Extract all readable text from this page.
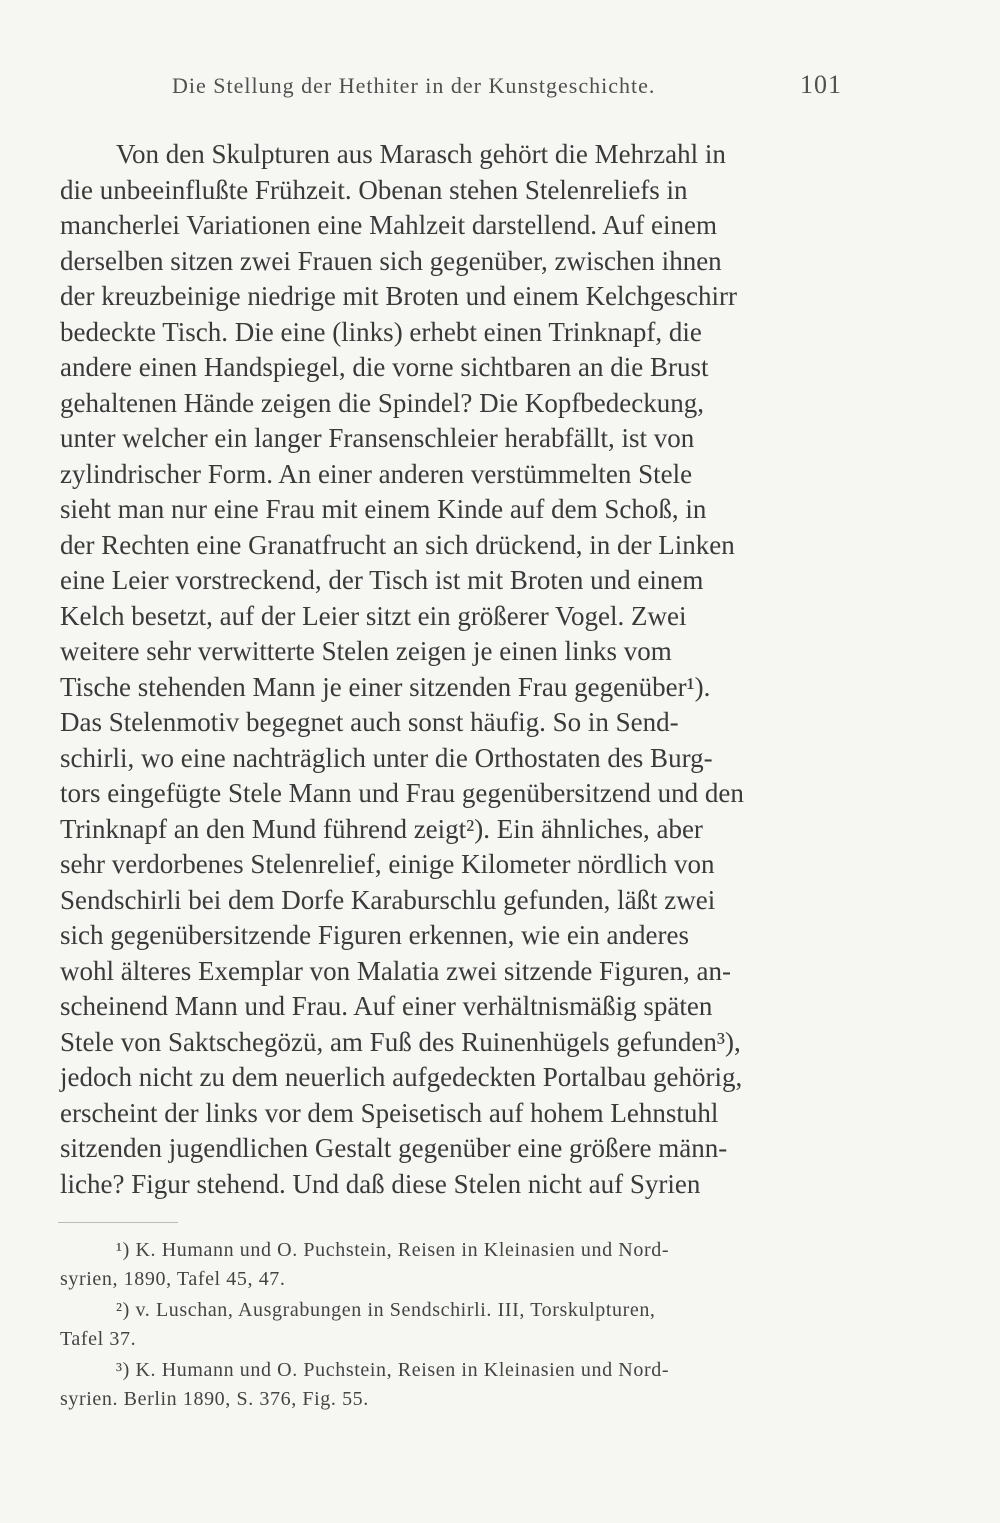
Die Stellung der Hethiter in der Kunstgeschichte.	101
Von den Skulpturen aus Marasch gehört die Mehrzahl in
die unbeeinflußte Frühzeit. Obenan stehen Stelenreliefs in
mancherlei Variationen eine Mahlzeit darstellend. Auf einem
derselben sitzen zwei Frauen sich gegenüber, zwischen ihnen
der kreuzbeinige niedrige mit Broten und einem Kelchgeschirr
bedeckte Tisch. Die eine (links) erhebt einen Trinknapf, die
andere einen Handspiegel, die vorne sichtbaren an die Brust
gehaltenen Hände zeigen die Spindel? Die Kopfbedeckung,
unter welcher ein langer Fransenschleier herabfällt, ist von
zylindrischer Form. An einer anderen verstümmelten Stele
sieht man nur eine Frau mit einem Kinde auf dem Schoß, in
der Rechten eine Granatfrucht an sich drückend, in der Linken
eine Leier vorstreckend, der Tisch ist mit Broten und einem
Kelch besetzt, auf der Leier sitzt ein größerer Vogel. Zwei
weitere sehr verwitterte Stelen zeigen je einen links vom
Tische stehenden Mann je einer sitzenden Frau gegenüber¹).
Das Stelenmotiv begegnet auch sonst häufig. So in Send-
schirli, wo eine nachträglich unter die Orthostaten des Burg-
tors eingefügte Stele Mann und Frau gegenübersitzend und den
Trinknapf an den Mund führend zeigt²). Ein ähnliches, aber
sehr verdorbenes Stelenrelief, einige Kilometer nördlich von
Sendschirli bei dem Dorfe Karaburschlu gefunden, läßt zwei
sich gegenübersitzende Figuren erkennen, wie ein anderes
wohl älteres Exemplar von Malatia zwei sitzende Figuren, an-
scheinend Mann und Frau. Auf einer verhältnismäßig späten
Stele von Saktschegözü, am Fuß des Ruinenhügels gefunden³),
jedoch nicht zu dem neuerlich aufgedeckten Portalbau gehörig,
erscheint der links vor dem Speisetisch auf hohem Lehnstuhl
sitzenden jugendlichen Gestalt gegenüber eine größere männ-
liche? Figur stehend. Und daß diese Stelen nicht auf Syrien
¹) K. Humann und O. Puchstein, Reisen in Kleinasien und Nord-
syrien, 1890, Tafel 45, 47.
²) v. Luschan, Ausgrabungen in Sendschirli. III, Torskulpturen,
Tafel 37.
³) K. Humann und O. Puchstein, Reisen in Kleinasien und Nord-
syrien. Berlin 1890, S. 376, Fig. 55.
